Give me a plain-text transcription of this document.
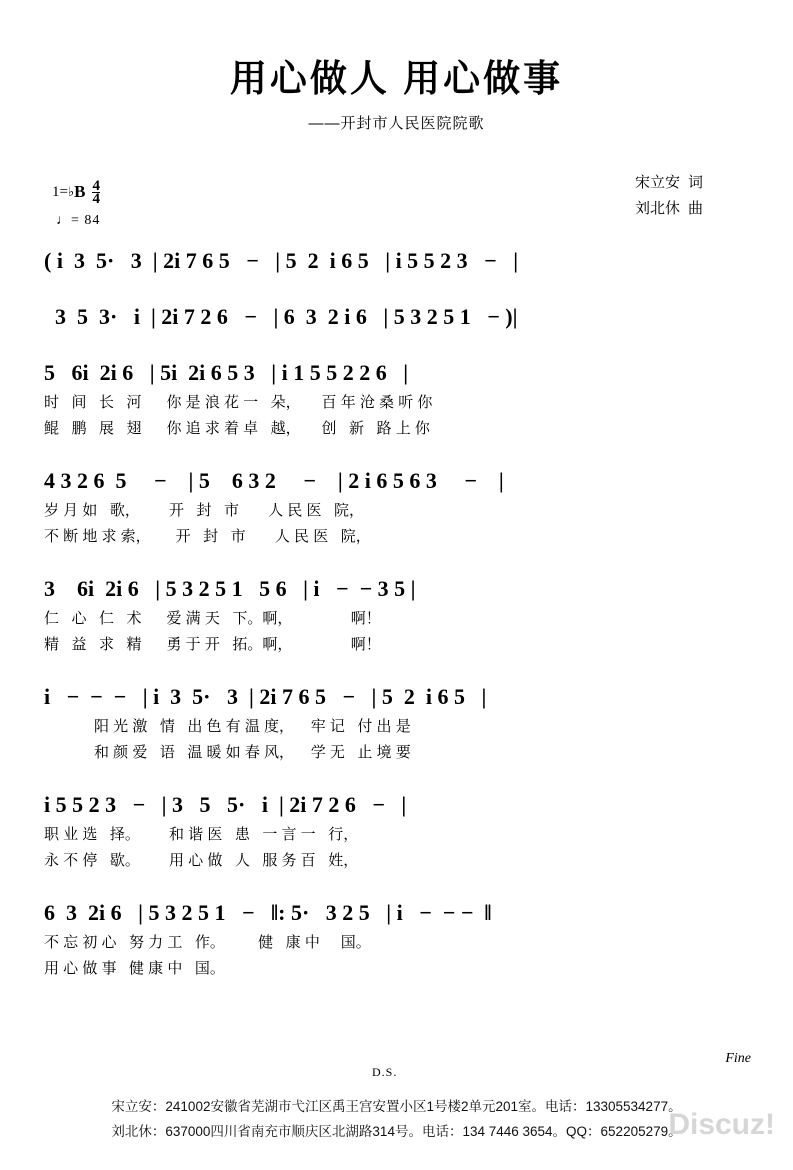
用心做人 用心做事
——开封市人民医院院歌
宋立安 词
刘北休 曲
1= ♭ B $\frac{4}{4}$
♩= 84
( i  3  5·   3  | 2i 7 6 5   −   | 5  2  i 6 5   | i 5 5 2 3   −   |
3  5  3·   i  | 2i 7 2 6   −   | 6  3  2 i 6   | 5 3 2 5 1   − )|
5   6i  2i 6   | 5i  2i 6 5 3   | i 1 5 5 2 2 6   |
时   间   长   河      你 是 浪 花 一   朵，     百 年 沧 桑 听 你
鲲   鹏   展   翅      你 追 求 着 卓   越，     创   新   路 上 你
4 3 2 6  5     −    | 5    6 3 2     −    | 2 i 6 5 6 3     −    |
岁 月 如   歌，       开   封   市       人 民 医   院，
不 断 地 求 索，      开   封   市       人 民 医   院，
3    6i  2i 6   | 5 3 2 5 1   5 6   | i   −  − 3 5 |
仁   心   仁   术      爱 满 天   下。啊，              啊！
精   益   求   精      勇 于 开   拓。啊，              啊！
i   −  −  −   | i  3  5·   3  | 2i 7 6 5   −   | 5  2  i 6 5   |
阳 光 激   情   出 色 有 温 度，    牢 记   付 出 是
和 颜 爱   语   温 暖 如 春 风，    学 无   止 境 要
i 5 5 2 3   −   | 3   5   5·   i  | 2i 7 2 6   −   |
职 业 选   择。       和 谐 医   患   一 言 一   行，
永 不 停   歇。       用 心 做   人   服 务 百   姓，
6  3  2i 6   | 5 3 2 5 1   −   ‖: 5·   3 2 5   | i   −  − −  ‖
不 忘 初 心   努 力 工   作。        健   康 中     国。
用 心 做 事   健 康 中   国。
Fine
D.S.
宋立安：241002安徽省芜湖市弋江区禹王宫安置小区1号楼2单元201室。电话：13305534277。
刘北休：637000四川省南充市顺庆区北湖路314号。电话：134 7446 3654。QQ：652205279。
Discuz!
